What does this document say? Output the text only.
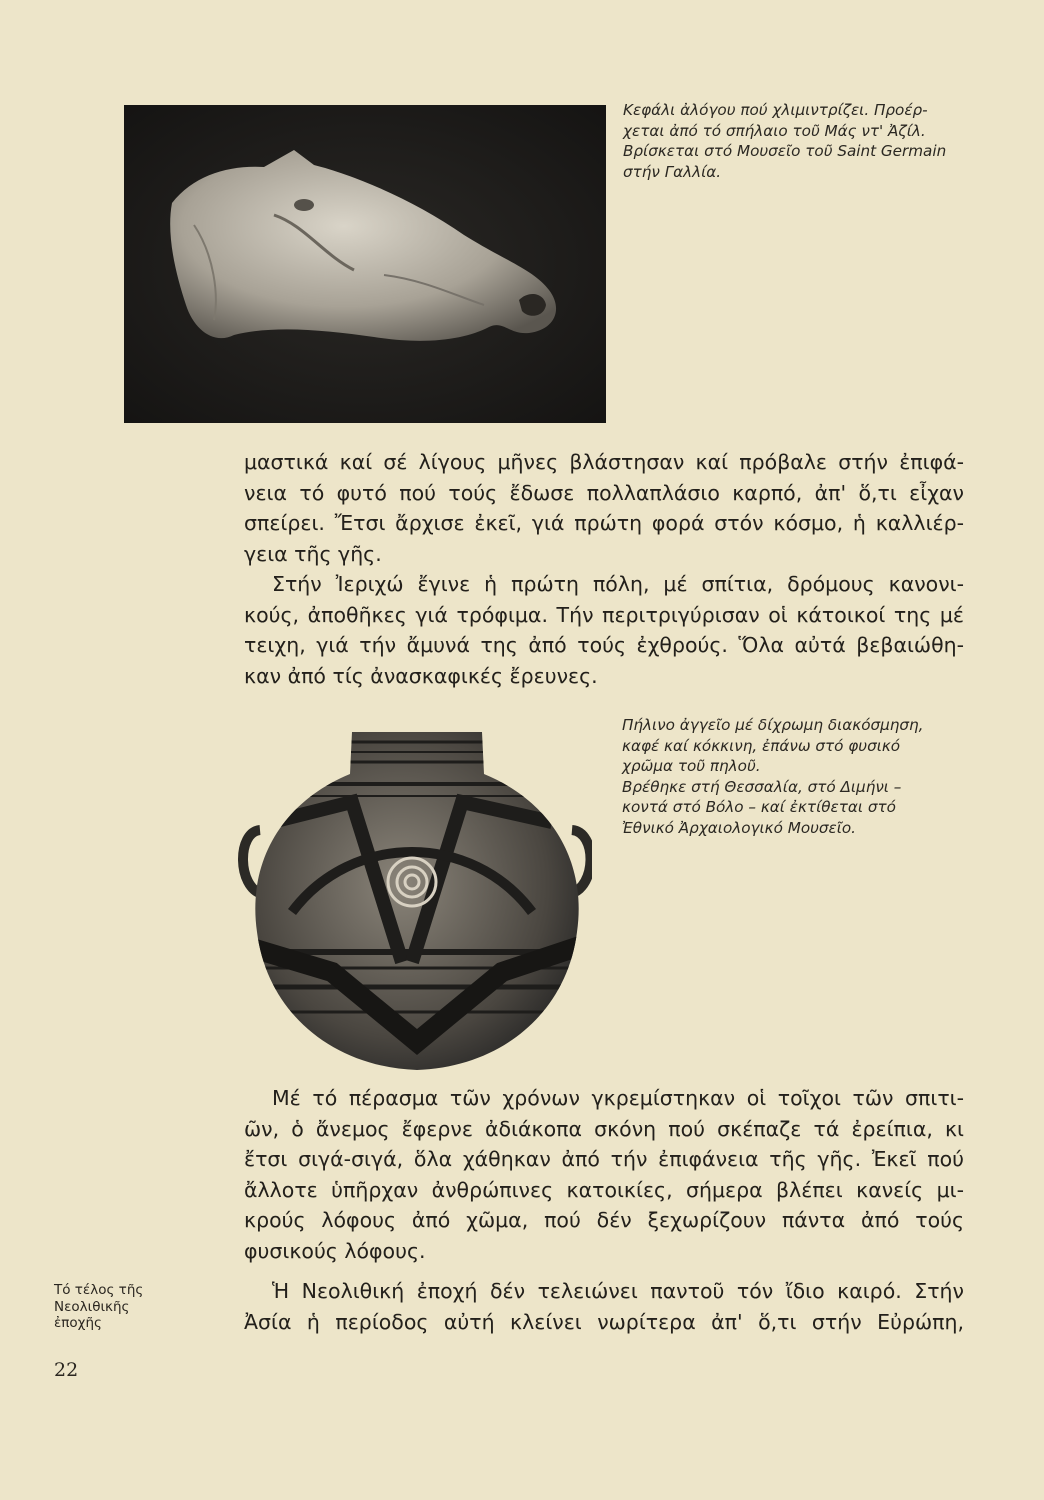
Κεφάλι ἀλόγου πού χλιμιντρίζει. Προέρ-
χεται ἀπό τό σπήλαιο τοῦ Μάς ντ' Ἀζίλ.
Βρίσκεται στό Μουσεῖο τοῦ Saint Germain
στήν Γαλλία.
μαστικά καί σέ λίγους μῆνες βλάστησαν καί πρόβαλε στήν ἐπιφά-
νεια τό φυτό πού τούς ἔδωσε πολλαπλάσιο καρπό, ἀπ' ὅ,τι εἶχαν
σπείρει. Ἔτσι ἄρχισε ἐκεῖ, γιά πρώτη φορά στόν κόσμο, ἡ καλλιέρ-
γεια τῆς γῆς.
Στήν Ἰεριχώ ἔγινε ἡ πρώτη πόλη, μέ σπίτια, δρόμους κανονι-
κούς, ἀποθῆκες γιά τρόφιμα. Τήν περιτριγύρισαν οἱ κάτοικοί της μέ
τειχη, γιά τήν ἄμυνά της ἀπό τούς ἐχθρούς. Ὅλα αὐτά βεβαιώθη-
καν ἀπό τίς ἀνασκαφικές ἔρευνες.
Πήλινο ἀγγεῖο μέ δίχρωμη διακόσμηση,
καφέ καί κόκκινη, ἐπάνω στό φυσικό
χρῶμα τοῦ πηλοῦ.
Βρέθηκε στή Θεσσαλία, στό Διμήνι –
κοντά στό Βόλο – καί ἐκτίθεται στό
Ἐθνικό Ἀρχαιολογικό Μουσεῖο.
Μέ τό πέρασμα τῶν χρόνων γκρεμίστηκαν οἱ τοῖχοι τῶν σπιτι-
ῶν, ὁ ἄνεμος ἔφερνε ἀδιάκοπα σκόνη πού σκέπαζε τά ἐρείπια, κι
ἔτσι σιγά-σιγά, ὅλα χάθηκαν ἀπό τήν ἐπιφάνεια τῆς γῆς. Ἐκεῖ πού
ἄλλοτε ὑπῆρχαν ἀνθρώπινες κατοικίες, σήμερα βλέπει κανείς μι-
κρούς λόφους ἀπό χῶμα, πού δέν ξεχωρίζουν πάντα ἀπό τούς
φυσικούς λόφους.
Ἡ Νεολιθική ἐποχή δέν τελειώνει παντοῦ τόν ἴδιο καιρό. Στήν
Ἀσία ἡ περίοδος αὐτή κλείνει νωρίτερα ἀπ' ὅ,τι στήν Εὐρώπη,
Τό τέλος τῆς
Νεολιθικῆς
ἐποχῆς
22
